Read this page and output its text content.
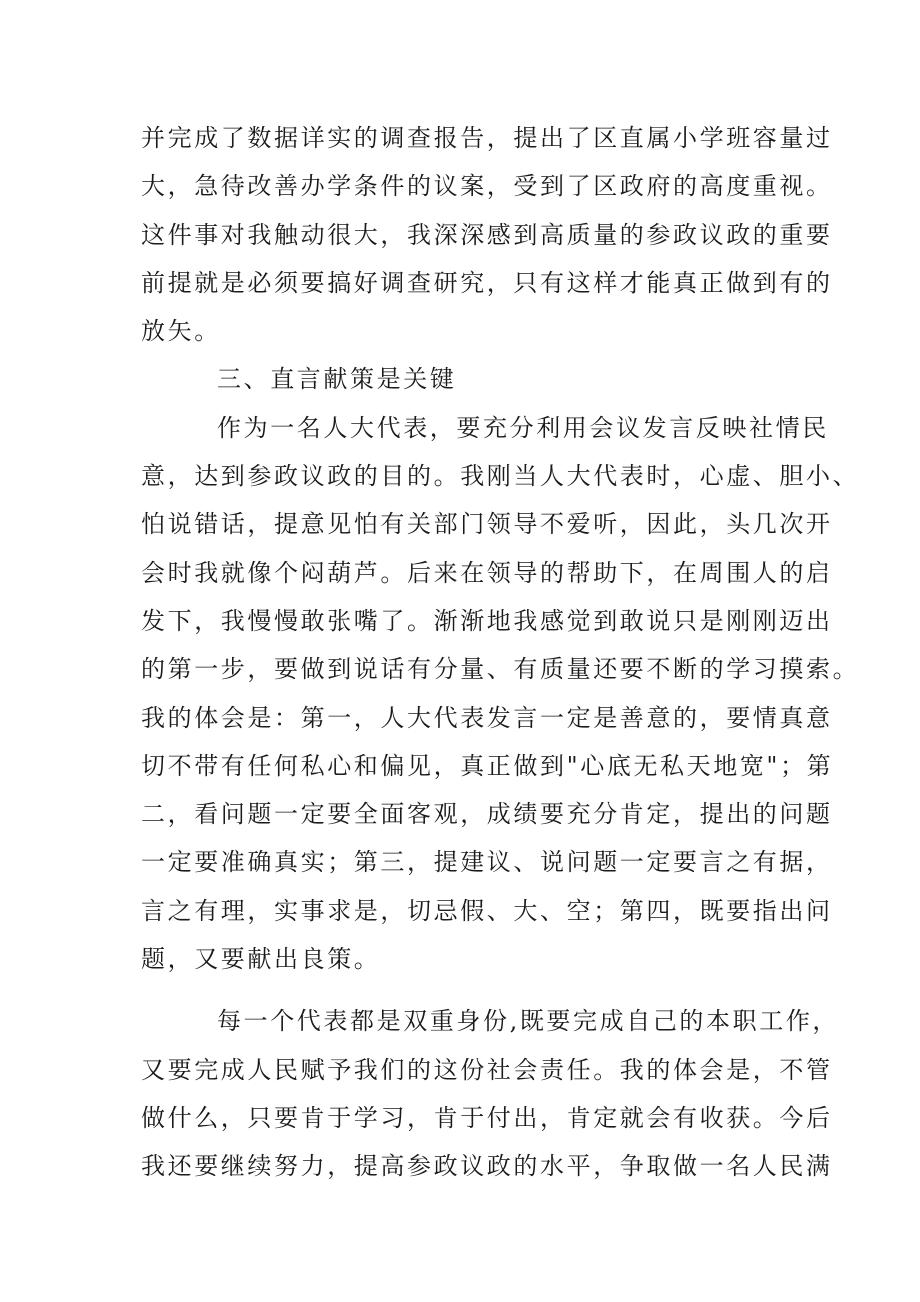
并完成了数据详实的调查报告，提出了区直属小学班容量过
大，急待改善办学条件的议案，受到了区政府的高度重视。
这件事对我触动很大，我深深感到高质量的参政议政的重要
前提就是必须要搞好调查研究，只有这样才能真正做到有的
放矢。
三、直言献策是关键
作为一名人大代表，要充分利用会议发言反映社情民
意，达到参政议政的目的。我刚当人大代表时，心虚、胆小、
怕说错话，提意见怕有关部门领导不爱听，因此，头几次开
会时我就像个闷葫芦。后来在领导的帮助下，在周围人的启
发下，我慢慢敢张嘴了。渐渐地我感觉到敢说只是刚刚迈出
的第一步，要做到说话有分量、有质量还要不断的学习摸索。
我的体会是：第一，人大代表发言一定是善意的，要情真意
切不带有任何私心和偏见，真正做到"心底无私天地宽"；第
二，看问题一定要全面客观，成绩要充分肯定，提出的问题
一定要准确真实；第三，提建议、说问题一定要言之有据，
言之有理，实事求是，切忌假、大、空；第四，既要指出问
题，又要献出良策。
每一个代表都是双重身份,既要完成自己的本职工作，
又要完成人民赋予我们的这份社会责任。我的体会是，不管
做什么，只要肯于学习，肯于付出，肯定就会有收获。今后
我还要继续努力，提高参政议政的水平，争取做一名人民满
